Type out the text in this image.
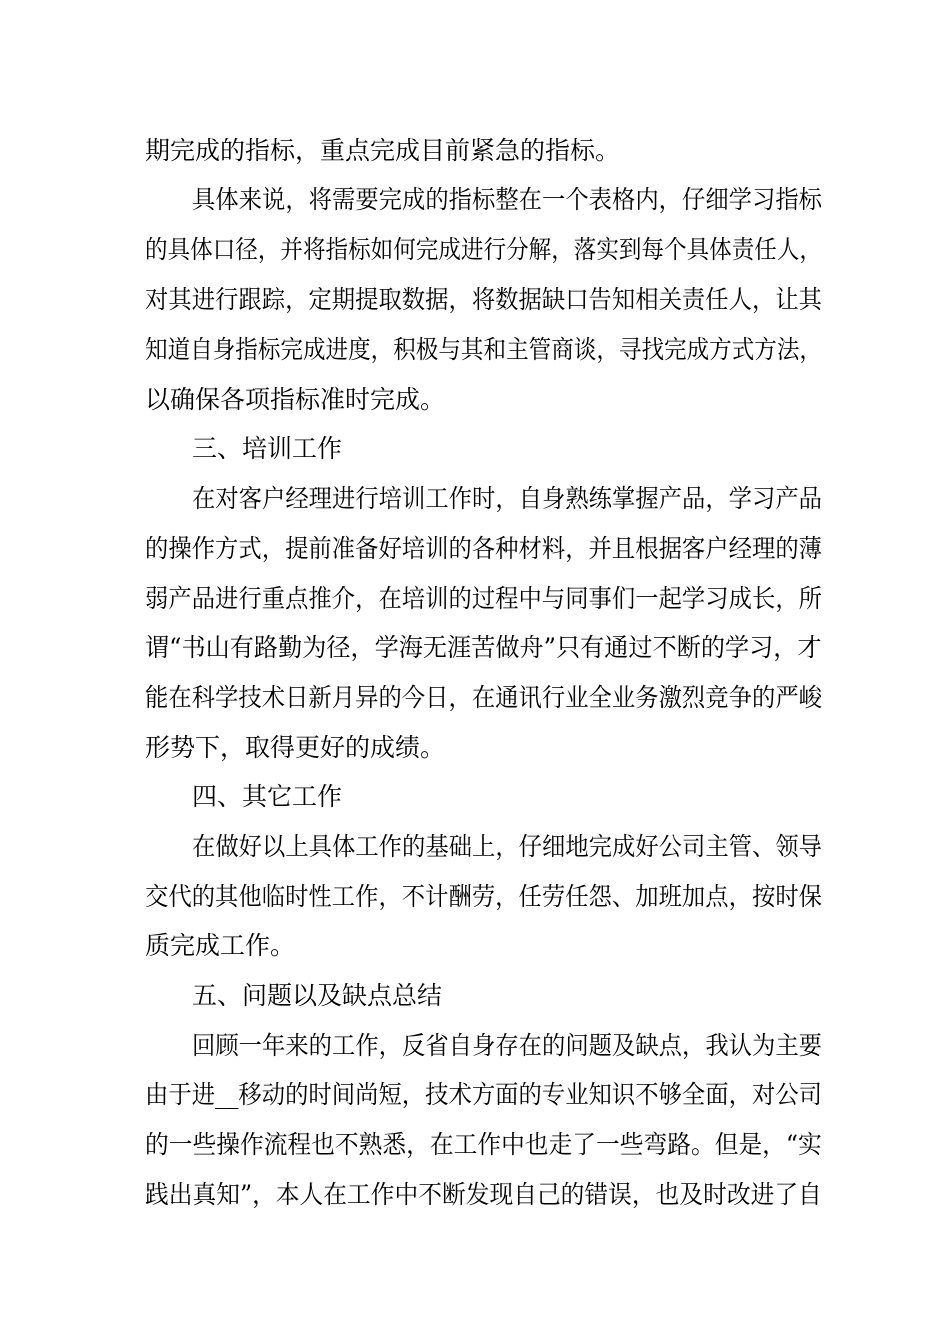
期完成的指标，重点完成目前紧急的指标。
具体来说，将需要完成的指标整在一个表格内，仔细学习指标
的具体口径，并将指标如何完成进行分解，落实到每个具体责任人，
对其进行跟踪，定期提取数据，将数据缺口告知相关责任人，让其
知道自身指标完成进度，积极与其和主管商谈，寻找完成方式方法，
以确保各项指标准时完成。
三、培训工作
在对客户经理进行培训工作时，自身熟练掌握产品，学习产品
的操作方式，提前准备好培训的各种材料，并且根据客户经理的薄
弱产品进行重点推介，在培训的过程中与同事们一起学习成长，所
谓“书山有路勤为径，学海无涯苦做舟”只有通过不断的学习，才
能在科学技术日新月异的今日，在通讯行业全业务激烈竞争的严峻
形势下，取得更好的成绩。
四、其它工作
在做好以上具体工作的基础上，仔细地完成好公司主管、领导
交代的其他临时性工作，不计酬劳，任劳任怨、加班加点，按时保
质完成工作。
五、问题以及缺点总结
回顾一年来的工作，反省自身存在的问题及缺点，我认为主要
由于进__移动的时间尚短，技术方面的专业知识不够全面，对公司
的一些操作流程也不熟悉，在工作中也走了一些弯路。但是，“实
践出真知”，本人在工作中不断发现自己的错误，也及时改进了自
